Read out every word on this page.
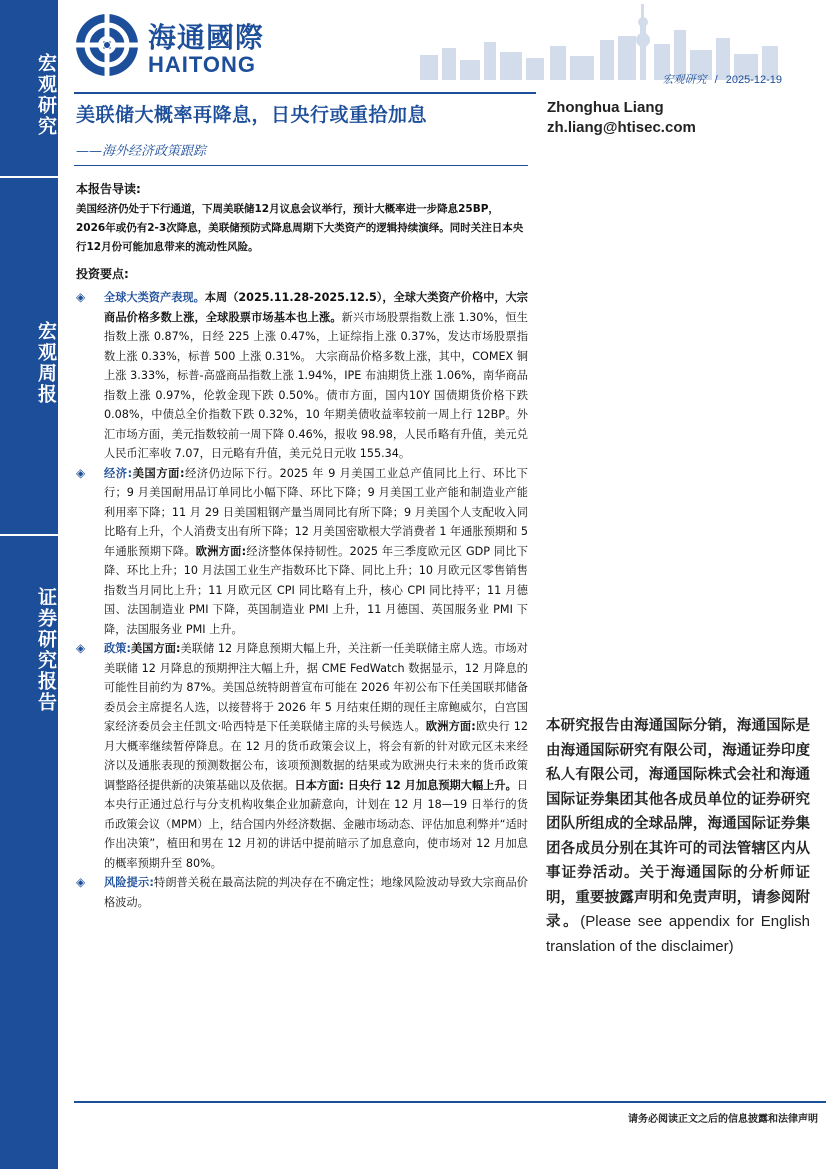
宏观研究
宏观周报
证券研究报告
海通國際
HAITONG
宏观研究 / 2025-12-19
美联储大概率再降息，日央行或重拾加息
——海外经济政策跟踪
Zhonghua Liang
zh.liang@htisec.com
本报告导读:
美国经济仍处于下行通道，下周美联储12月议息会议举行，预计大概率进一步降息25BP，2026年或仍有2-3次降息，美联储预防式降息周期下大类资产的逻辑持续演绎。同时关注日本央行12月份可能加息带来的流动性风险。
投资要点:
◈ 全球大类资产表现。本周（2025.11.28-2025.12.5），全球大类资产价格中，大宗商品价格多数上涨，全球股票市场基本也上涨。新兴市场股票指数上涨 1.30%，恒生指数上涨 0.87%，日经 225 上涨 0.47%，上证综指上涨 0.37%，发达市场股票指数上涨 0.33%，标普 500 上涨 0.31%。 大宗商品价格多数上涨，其中，COMEX 铜上涨 3.33%，标普-高盛商品指数上涨 1.94%，IPE 布油期货上涨 1.06%，南华商品指数上涨 0.97%，伦敦金现下跌 0.50%。债市方面，国内10Y 国债期货价格下跌 0.08%，中债总全价指数下跌 0.32%，10 年期美债收益率较前一周上行 12BP。外汇市场方面，美元指数较前一周下降 0.46%，报收 98.98，人民币略有升值，美元兑人民币汇率收 7.07，日元略有升值，美元兑日元收 155.34。
◈ 经济:美国方面:经济仍边际下行。2025 年 9 月美国工业总产值同比上行、环比下行；9 月美国耐用品订单同比小幅下降、环比下降；9 月美国工业产能和制造业产能利用率下降；11 月 29 日美国粗钢产量当周同比有所下降；9 月美国个人支配收入同比略有上升，个人消费支出有所下降；12 月美国密歇根大学消费者 1 年通胀预期和 5 年通胀预期下降。欧洲方面:经济整体保持韧性。2025 年三季度欧元区 GDP 同比下降、环比上升；10 月法国工业生产指数环比下降、同比上升；10 月欧元区零售销售指数当月同比上升；11 月欧元区 CPI 同比略有上升，核心 CPI 同比持平；11 月德国、法国制造业 PMI 下降，英国制造业 PMI 上升，11 月德国、英国服务业 PMI 下降，法国服务业 PMI 上升。
◈ 政策:美国方面:美联储 12 月降息预期大幅上升，关注新一任美联储主席人选。市场对美联储 12 月降息的预期押注大幅上升，据 CME FedWatch 数据显示，12 月降息的可能性目前约为 87%。美国总统特朗普宣布可能在 2026 年初公布下任美国联邦储备委员会主席提名人选，以接替将于 2026 年 5 月结束任期的现任主席鲍威尔，白宫国家经济委员会主任凯文·哈西特是下任美联储主席的头号候选人。欧洲方面:欧央行 12 月大概率继续暂停降息。在 12 月的货币政策会议上，将会有新的针对欧元区未来经济以及通胀表现的预测数据公布，该项预测数据的结果或为欧洲央行未来的货币政策调整路径提供新的决策基础以及依据。日本方面: 日央行 12 月加息预期大幅上升。日本央行正通过总行与分支机构收集企业加薪意向，计划在 12 月 18—19 日举行的货币政策会议（MPM）上，结合国内外经济数据、金融市场动态、评估加息利弊并“适时作出决策”，植田和男在 12 月初的讲话中提前暗示了加息意向，使市场对 12 月加息的概率预期升至 80%。
◈ 风险提示:特朗普关税在最高法院的判决存在不确定性；地缘风险波动导致大宗商品价格波动。
本研究报告由海通国际分销，海通国际是由海通国际研究有限公司，海通证券印度私人有限公司，海通国际株式会社和海通国际证券集团其他各成员单位的证券研究团队所组成的全球品牌，海通国际证券集团各成员分别在其许可的司法管辖区内从事证券活动。关于海通国际的分析师证明，重要披露声明和免责声明，请参阅附录。(Please see appendix for English translation of the disclaimer)
请务必阅读正文之后的信息披露和法律声明
